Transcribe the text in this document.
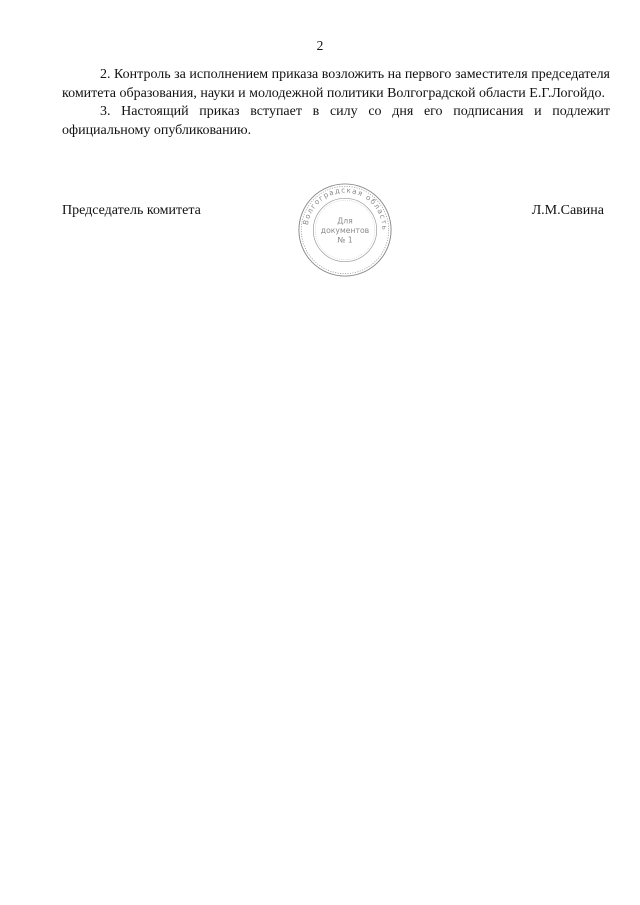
2

2. Контроль за исполнением приказа возложить на первого заместителя председателя комитета образования, науки и молодежной политики Волгоградской области Е.Г.Логойдо.

3. Настоящий приказ вступает в силу со дня его подписания и подлежит официальному опубликованию.

Председатель комитета	Л.М.Савина
Волгоградская область
Для
документов
№ 1
